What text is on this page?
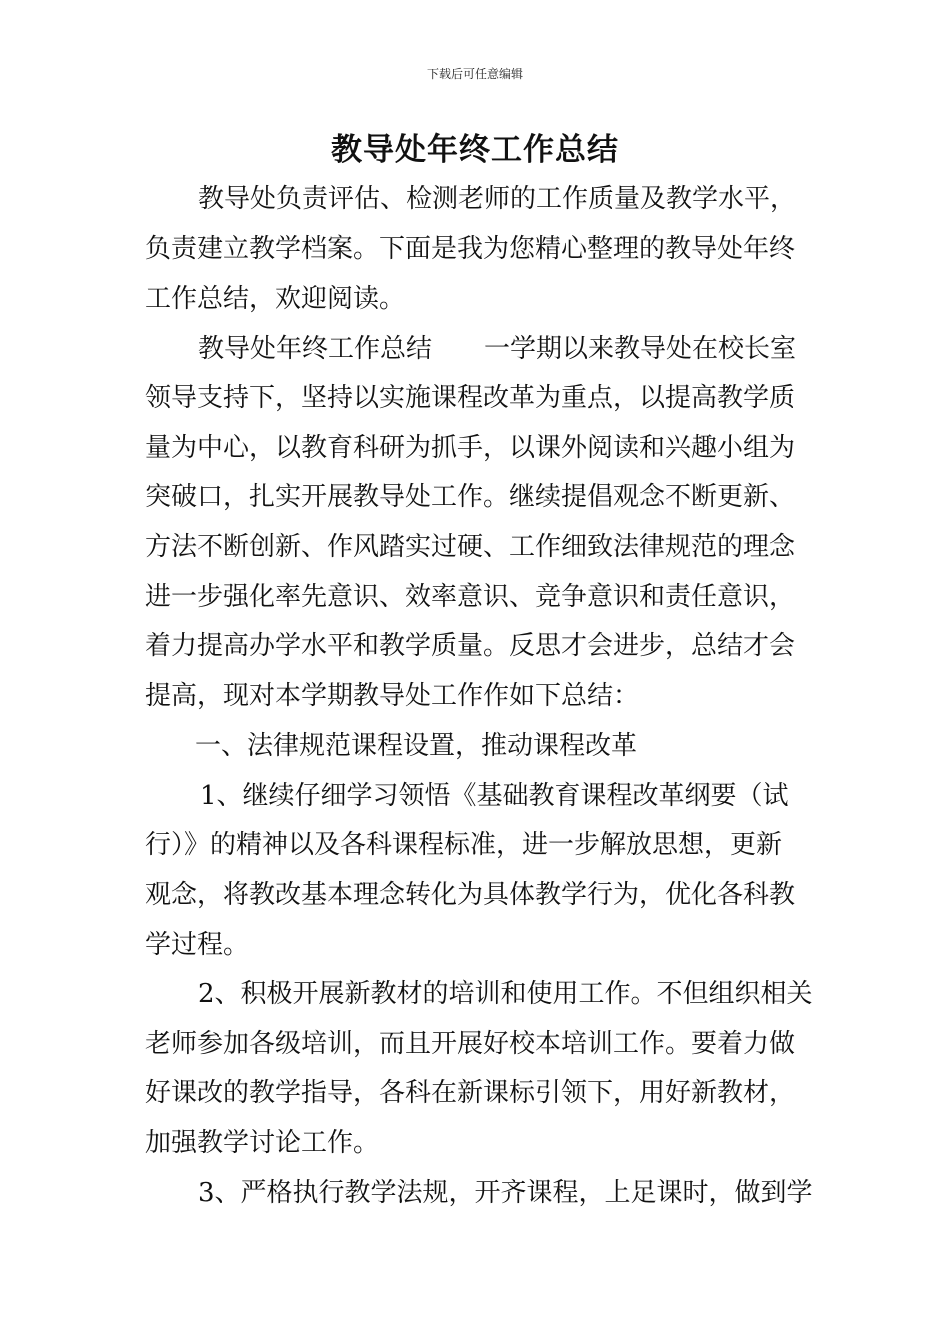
下载后可任意编辑
教导处年终工作总结
教导处负责评估、检测老师的工作质量及教学水平，
负责建立教学档案。下面是我为您精心整理的教导处年终
工作总结，欢迎阅读。
教导处年终工作总结　　一学期以来教导处在校长室
领导支持下，坚持以实施课程改革为重点，以提高教学质
量为中心，以教育科研为抓手，以课外阅读和兴趣小组为
突破口，扎实开展教导处工作。继续提倡观念不断更新、
方法不断创新、作风踏实过硬、工作细致法律规范的理念
进一步强化率先意识、效率意识、竞争意识和责任意识，
着力提高办学水平和教学质量。反思才会进步，总结才会
提高，现对本学期教导处工作作如下总结：
一、法律规范课程设置，推动课程改革
1、继续仔细学习领悟《基础教育课程改革纲要（试
行）》的精神以及各科课程标准，进一步解放思想，更新
观念，将教改基本理念转化为具体教学行为，优化各科教
学过程。
2、积极开展新教材的培训和使用工作。不但组织相关
老师参加各级培训，而且开展好校本培训工作。要着力做
好课改的教学指导，各科在新课标引领下，用好新教材，
加强教学讨论工作。
3、严格执行教学法规，开齐课程，上足课时，做到学
